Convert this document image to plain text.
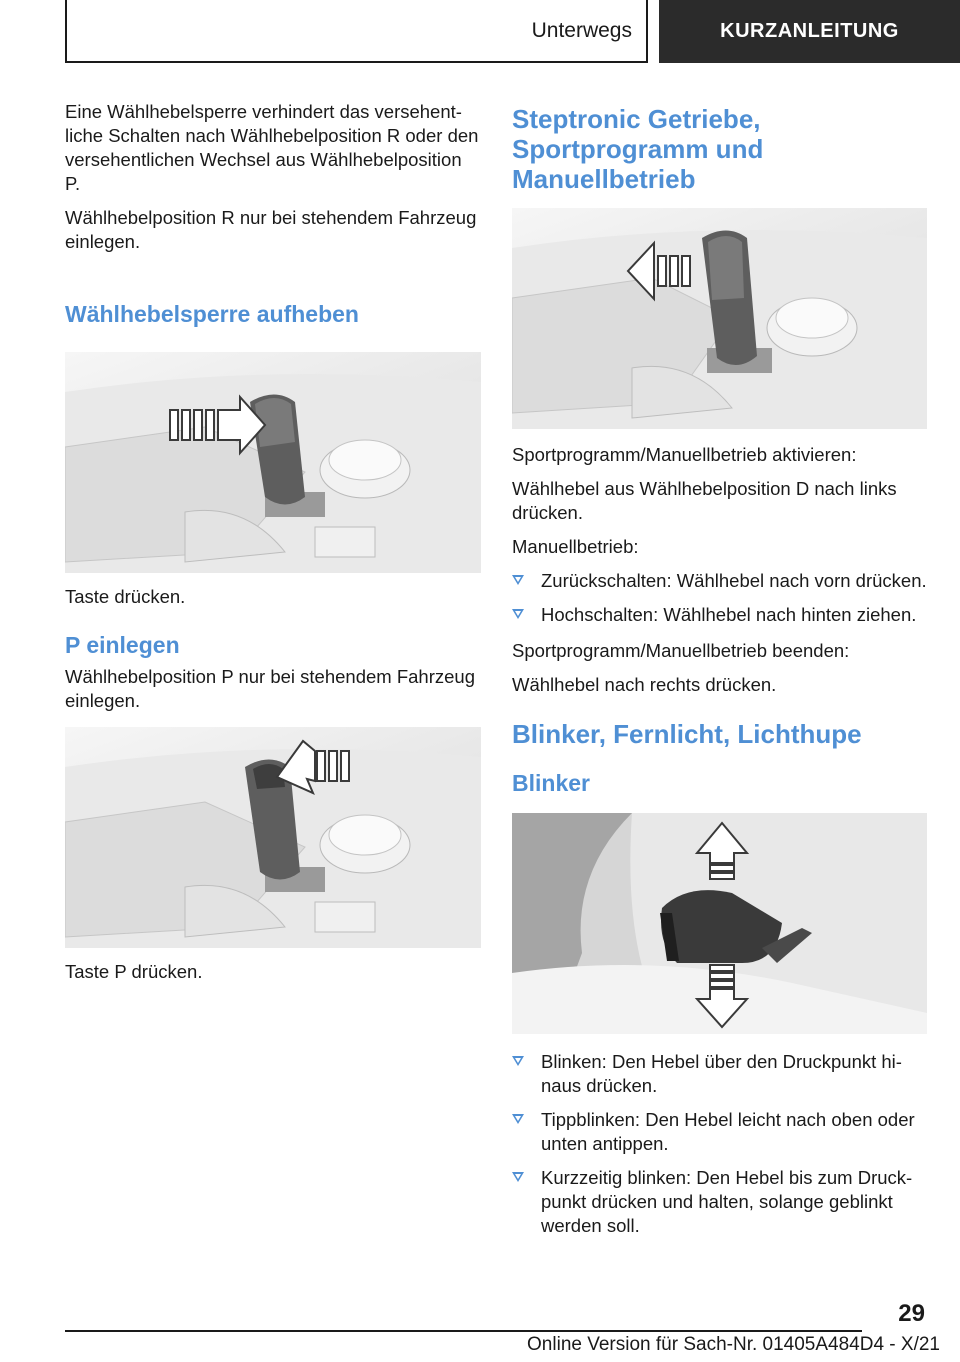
Unterwegs	KURZANLEITUNG

Eine Wählhebelsperre verhindert das versehentliche Schalten nach Wählhebelposition R oder den versehentlichen Wechsel aus Wählhebelposition P.

Wählhebelposition R nur bei stehendem Fahrzeug einlegen.

Wählhebelsperre aufheben

Taste drücken.

P einlegen

Wählhebelposition P nur bei stehendem Fahrzeug einlegen.

Taste P drücken.

Steptronic Getriebe, Sportprogramm und Manuellbetrieb

Sportprogramm/Manuellbetrieb aktivieren:

Wählhebel aus Wählhebelposition D nach links drücken.

Manuellbetrieb:

Zurückschalten: Wählhebel nach vorn drücken.
Hochschalten: Wählhebel nach hinten ziehen.

Sportprogramm/Manuellbetrieb beenden:

Wählhebel nach rechts drücken.

Blinker, Fernlicht, Lichthupe
Blinker
Blinken: Den Hebel über den Druckpunkt hinaus drücken.
Tippblinken: Den Hebel leicht nach oben oder unten antippen.
Kurzzeitig blinken: Den Hebel bis zum Druckpunkt drücken und halten, solange geblinkt werden soll.
29
Online Version für Sach-Nr. 01405A484D4 - X/21
